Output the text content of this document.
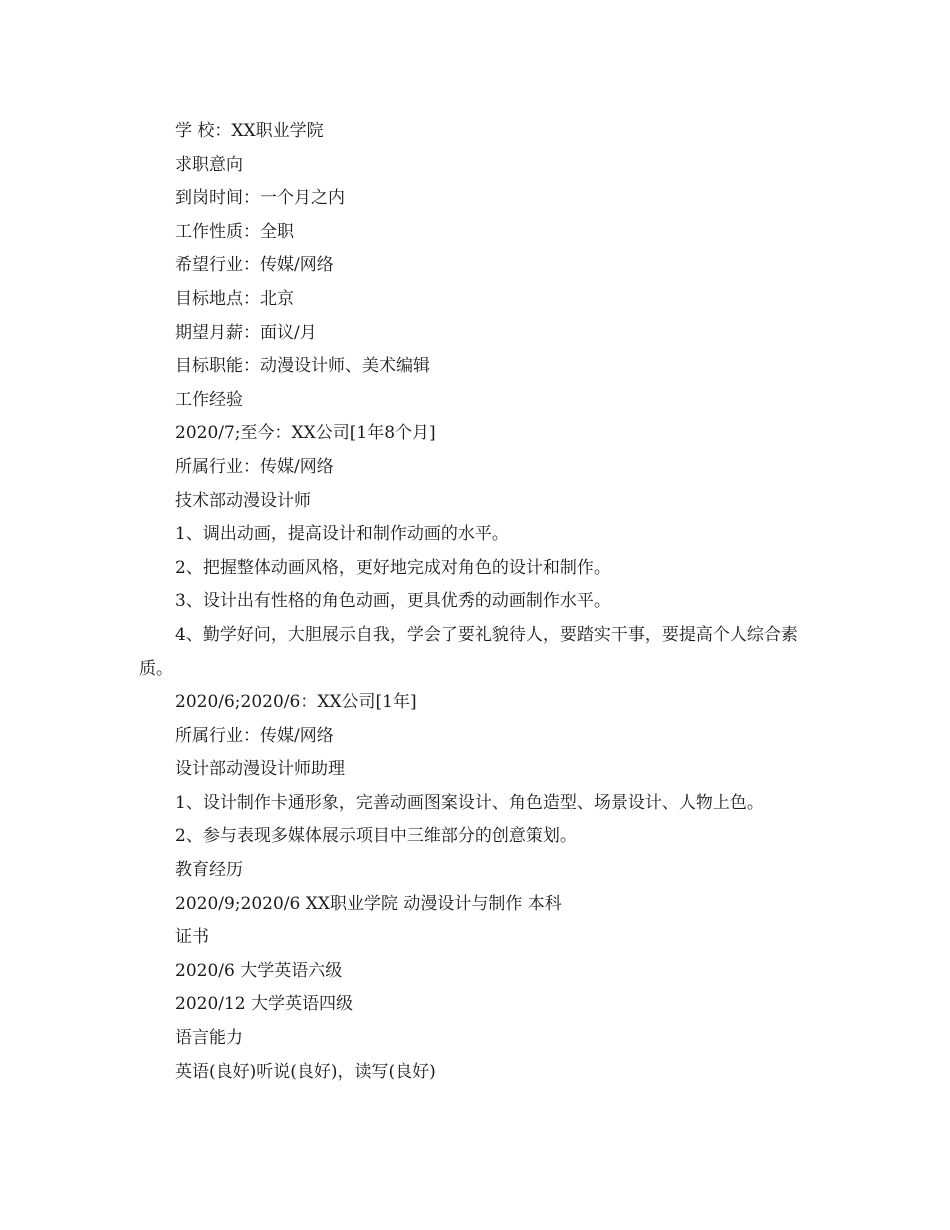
学 校：XX职业学院
求职意向
到岗时间：一个月之内
工作性质：全职
希望行业：传媒/网络
目标地点：北京
期望月薪：面议/月
目标职能：动漫设计师、美术编辑
工作经验
2020/7;至今：XX公司[1年8个月]
所属行业：传媒/网络
技术部动漫设计师
1、调出动画，提高设计和制作动画的水平。
2、把握整体动画风格，更好地完成对角色的设计和制作。
3、设计出有性格的角色动画，更具优秀的动画制作水平。
4、勤学好问，大胆展示自我，学会了要礼貌待人，要踏实干事，要提高个人综合素质。
2020/6;2020/6：XX公司[1年]
所属行业：传媒/网络
设计部动漫设计师助理
1、设计制作卡通形象，完善动画图案设计、角色造型、场景设计、人物上色。
2、参与表现多媒体展示项目中三维部分的创意策划。
教育经历
2020/9;2020/6 XX职业学院 动漫设计与制作 本科
证书
2020/6 大学英语六级
2020/12 大学英语四级
语言能力
英语(良好)听说(良好)，读写(良好)
